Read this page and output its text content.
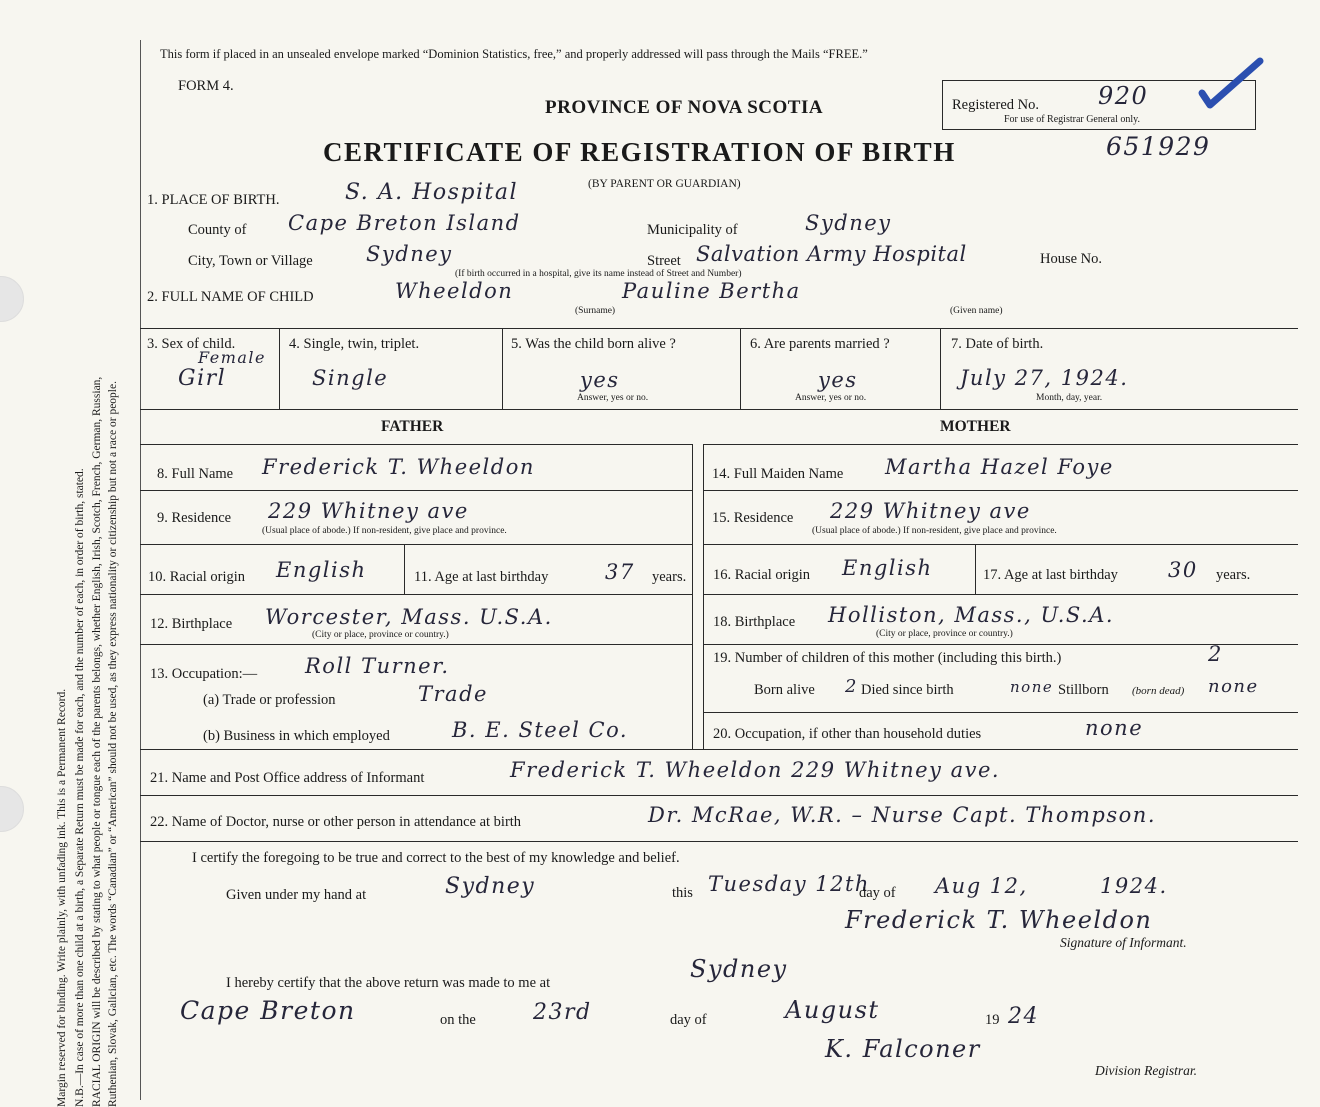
Margin reserved for binding. Write plainly, with unfading ink. This is a Permanent Record. N.B.—In case of more than one child at a birth, a Separate Return must be made for each, and the number of each, in order of birth, stated. RACIAL ORIGIN will be described by stating to what people or tongue each of the parents belongs, whether English, Irish, Scotch, French, German, Russian, Ruthenian, Slovak, Galician, etc. The words “Canadian” or “American” should not be used, as they express nationality or citizenship but not a race or people.
This form if placed in an unsealed envelope marked “Dominion Statistics, free,” and properly addressed will pass through the Mails “FREE.”
FORM 4.
PROVINCE OF NOVA SCOTIA
CERTIFICATE OF REGISTRATION OF BIRTH
(BY PARENT OR GUARDIAN)
Registered No. 920
For use of Registrar General only.
651929
1. PLACE OF BIRTH.	S. A. Hospital
County of Cape Breton Island	Municipality of	Sydney
City, Town or Village	Sydney	Street Salvation Army Hospital	House No.
(If birth occurred in a hospital, give its name instead of Street and Number)
2. FULL NAME OF CHILD	Wheeldon	Pauline Bertha
(Surname)	(Given name)
3. Sex of child.
Female
Girl
4. Single, twin, triplet.
Single
5. Was the child born alive ?
yes
Answer, yes or no.
6. Are parents married ?
yes
Answer, yes or no.
7. Date of birth.
July 27, 1924.
Month, day, year.
FATHER	MOTHER
8. Full Name Frederick T. Wheeldon
9. Residence 229 Whitney ave
(Usual place of abode.) If non-resident, give place and province.
10. Racial origin English	11. Age at last birthday	37 years.
12. Birthplace Worcester, Mass. U.S.A.
(City or place, province or country.)
13. Occupation:— Roll Turner.
(a) Trade or profession	Trade
(b) Business in which employed	B. E. Steel Co.
14. Full Maiden Name Martha Hazel Foye
15. Residence 229 Whitney ave
(Usual place of abode.) If non-resident, give place and province.
16. Racial origin English	17. Age at last birthday 30 years.
18. Birthplace Holliston, Mass., U.S.A.
(City or place, province or country.)
19. Number of children of this mother (including this birth.)	2
Born alive 2 Died since birth	none Stillborn (born dead) none
20. Occupation, if other than household duties	none
21. Name and Post Office address of Informant	Frederick T. Wheeldon 229 Whitney ave.
22. Name of Doctor, nurse or other person in attendance at birth	Dr. McRae, W.R. – Nurse Capt. Thompson.
I certify the foregoing to be true and correct to the best of my knowledge and belief.
Given under my hand at	Sydney	this Tuesday 12th
day of Aug 12,	1924.
Frederick T. Wheeldon
Signature of Informant.
I hereby certify that the above return was made to me at	Sydney
Cape Breton	on the	23rd	day of	August	19 24
K. Falconer
Division Registrar.
